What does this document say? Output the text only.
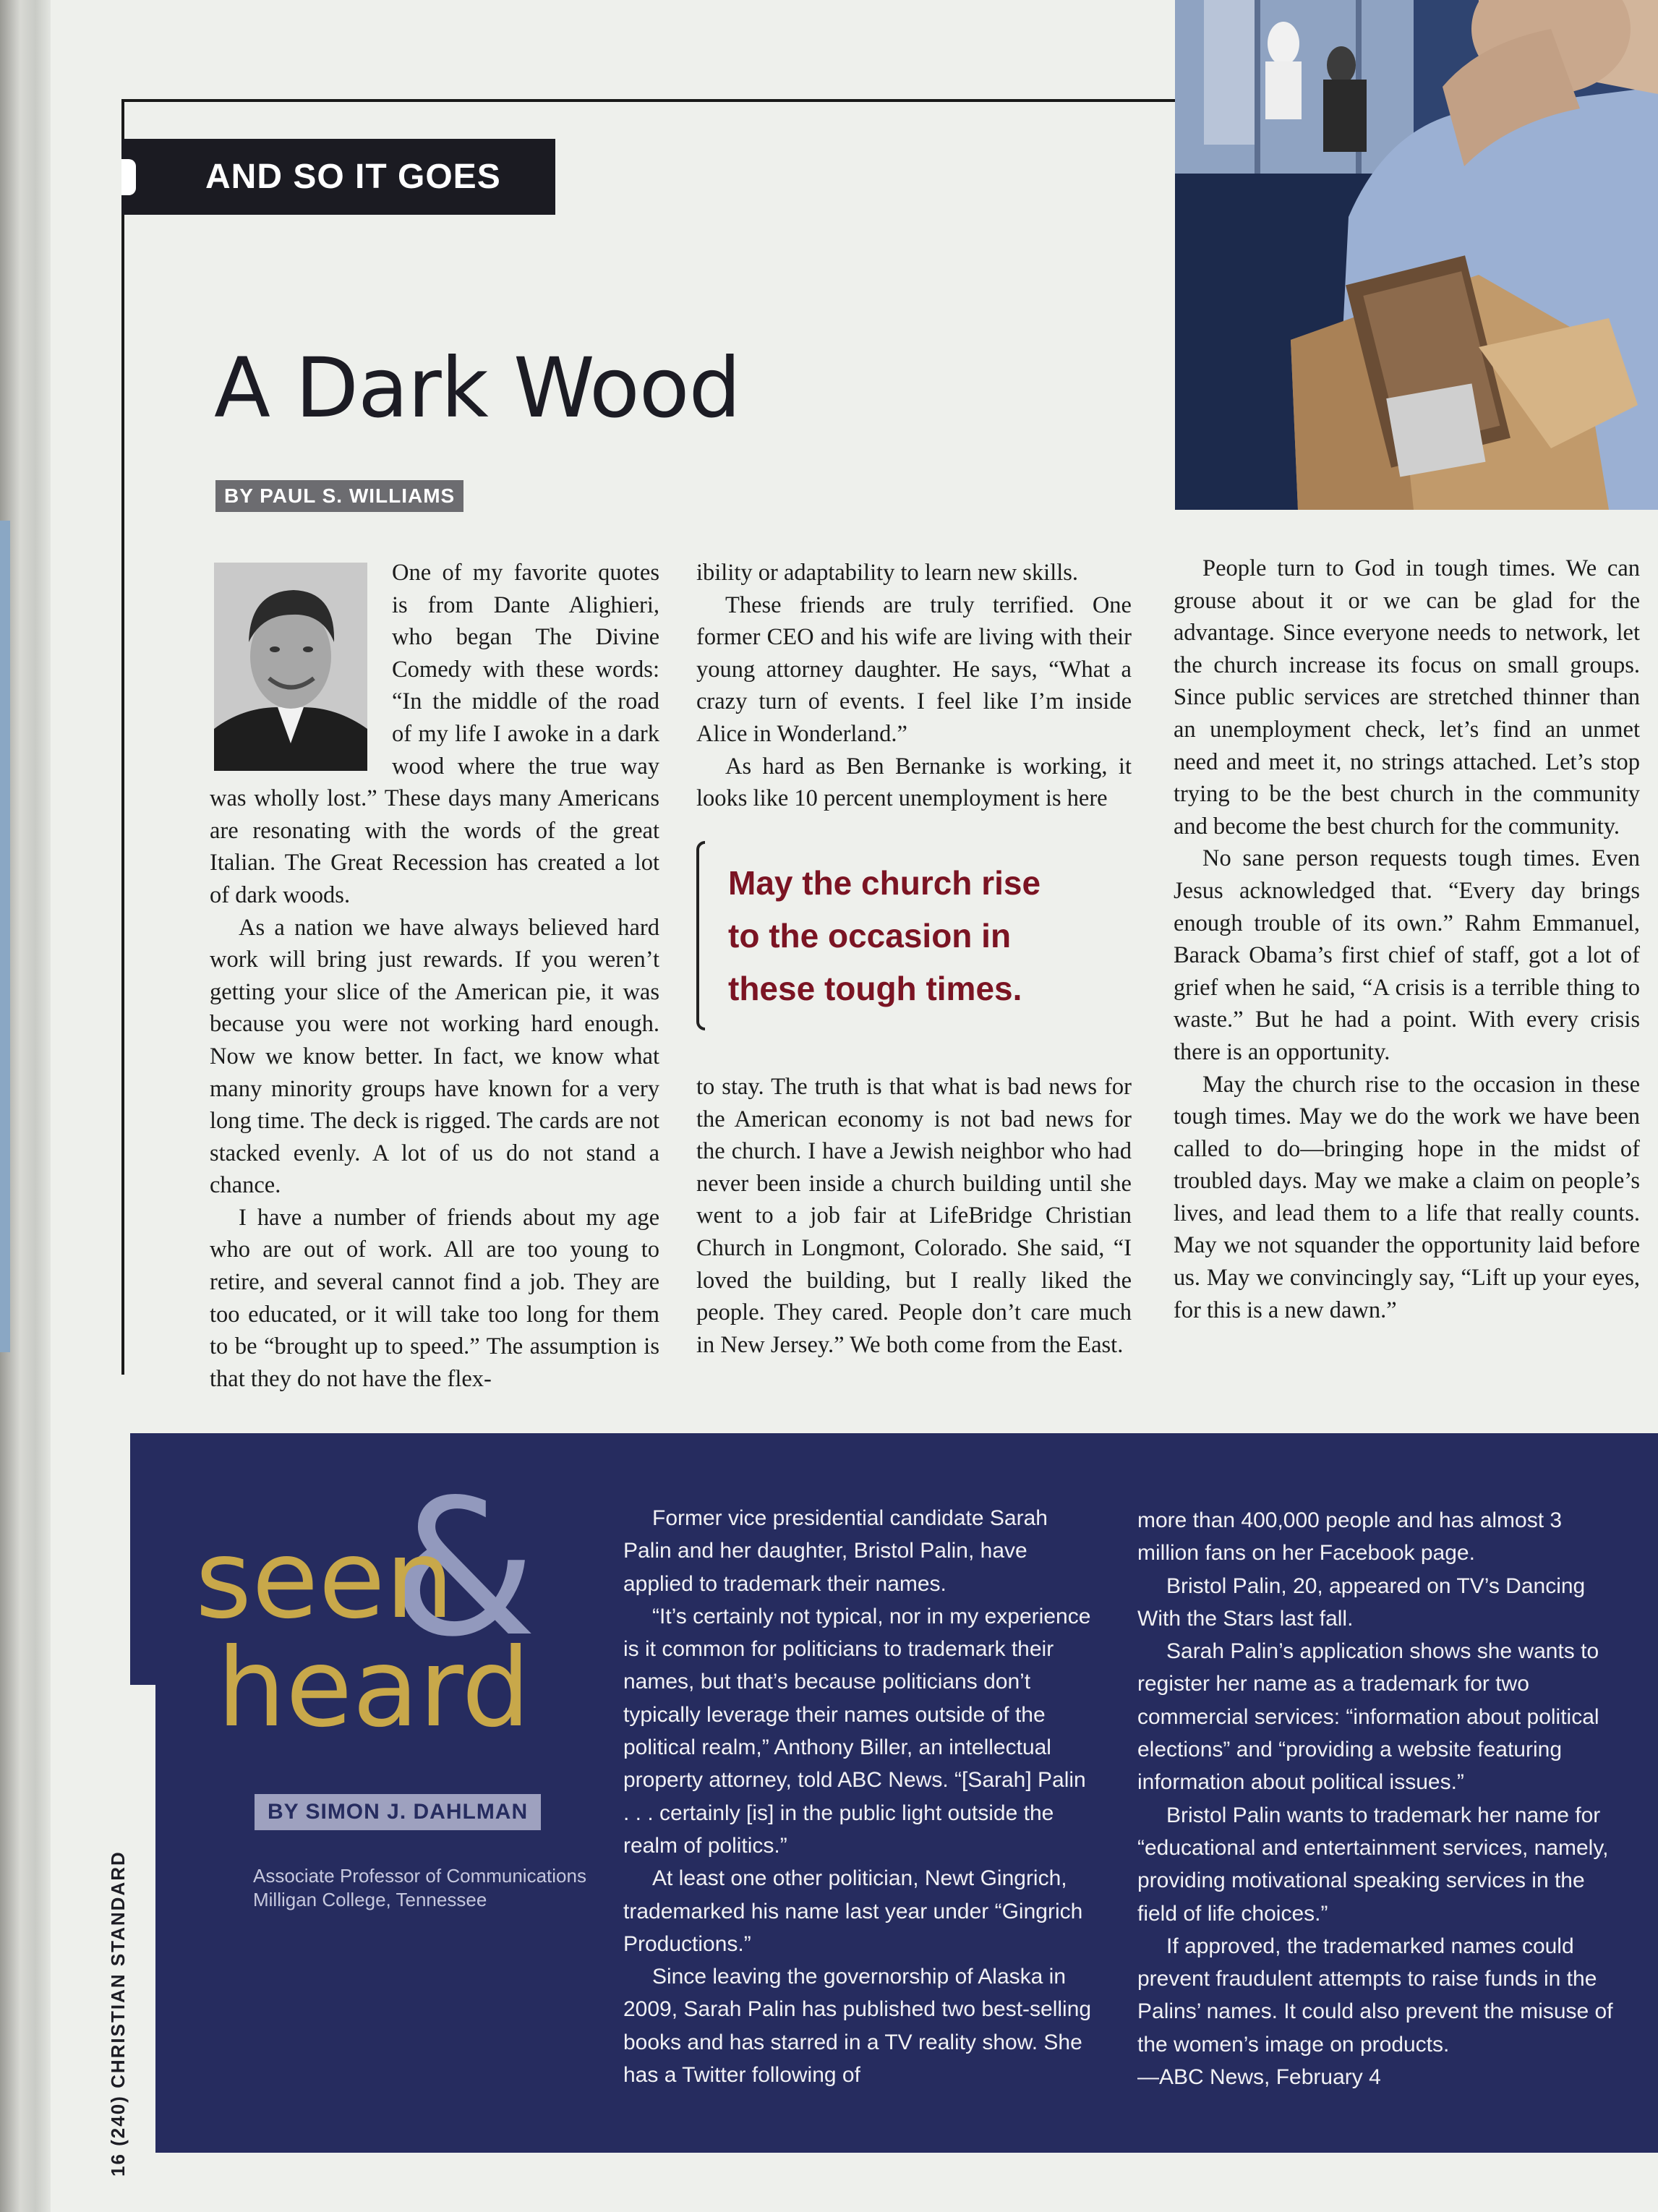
AND SO IT GOES
A Dark Wood
BY PAUL S. WILLIAMS

One of my favorite quotes is from Dante Alighieri, who began The Divine Comedy with these words: “In the middle of the road of my life I awoke in a dark wood where the true way was wholly lost.” These days many Americans are resonating with the words of the great Italian. The Great Recession has created a lot of dark woods.

As a nation we have always believed hard work will bring just rewards. If you weren’t getting your slice of the American pie, it was because you were not working hard enough. Now we know better. In fact, we know what many minority groups have known for a very long time. The deck is rigged. The cards are not stacked evenly. A lot of us do not stand a chance.

I have a number of friends about my age who are out of work. All are too young to retire, and several cannot find a job. They are too educated, or it will take too long for them to be “brought up to speed.” The assumption is that they do not have the flex-

ibility or adaptability to learn new skills.

These friends are truly terrified. One former CEO and his wife are living with their young attorney daughter. He says, “What a crazy turn of events. I feel like I’m inside Alice in Wonderland.”

As hard as Ben Bernanke is working, it looks like 10 percent unemployment is here

May the church rise
to the occasion in
these tough times.

to stay. The truth is that what is bad news for the American economy is not bad news for the church. I have a Jewish neighbor who had never been inside a church building until she went to a job fair at LifeBridge Christian Church in Longmont, Colorado. She said, “I loved the building, but I really liked the people. They cared. People don’t care much in New Jersey.” We both come from the East.

People turn to God in tough times. We can grouse about it or we can be glad for the advantage. Since everyone needs to network, let the church increase its focus on small groups. Since public services are stretched thinner than an unemployment check, let’s find an unmet need and meet it, no strings attached. Let’s stop trying to be the best church in the community and become the best church for the community.

No sane person requests tough times. Even Jesus acknowledged that. “Every day brings enough trouble of its own.” Rahm Emmanuel, Barack Obama’s first chief of staff, got a lot of grief when he said, “A crisis is a terrible thing to waste.” But he had a point. With every crisis there is an opportunity.

May the church rise to the occasion in these tough times. May we do the work we have been called to do—bringing hope in the midst of troubled days. May we make a claim on people’s lives, and lead them to a life that really counts. May we not squander the opportunity laid before us. May we convincingly say, “Lift up your eyes, for this is a new dawn.”

&
seen
heard
BY SIMON J. DAHLMAN
Associate Professor of Communications
Milligan College, Tennessee

Former vice presidential candidate Sarah Palin and her daughter, Bristol Palin, have applied to trademark their names.

“It’s certainly not typical, nor in my experience is it common for politicians to trademark their names, but that’s because politicians don’t typically leverage their names outside of the political realm,” Anthony Biller, an intellectual property attorney, told ABC News. “[Sarah] Palin . . . certainly [is] in the public light outside the realm of politics.”

At least one other politician, Newt Gingrich, trademarked his name last year under “Gingrich Productions.”

Since leaving the governorship of Alaska in 2009, Sarah Palin has published two best-selling books and has starred in a TV reality show. She has a Twitter following of

more than 400,000 people and has almost 3 million fans on her Facebook page.

Bristol Palin, 20, appeared on TV’s Dancing With the Stars last fall.

Sarah Palin’s application shows she wants to register her name as a trademark for two commercial services: “information about political elections” and “providing a website featuring information about political issues.”

Bristol Palin wants to trademark her name for “educational and entertainment services, namely, providing motivational speaking services in the field of life choices.”

If approved, the trademarked names could prevent fraudulent attempts to raise funds in the Palins’ names. It could also prevent the misuse of the women’s image on products.

—ABC News, February 4

16 (240) CHRISTIAN STANDARD
